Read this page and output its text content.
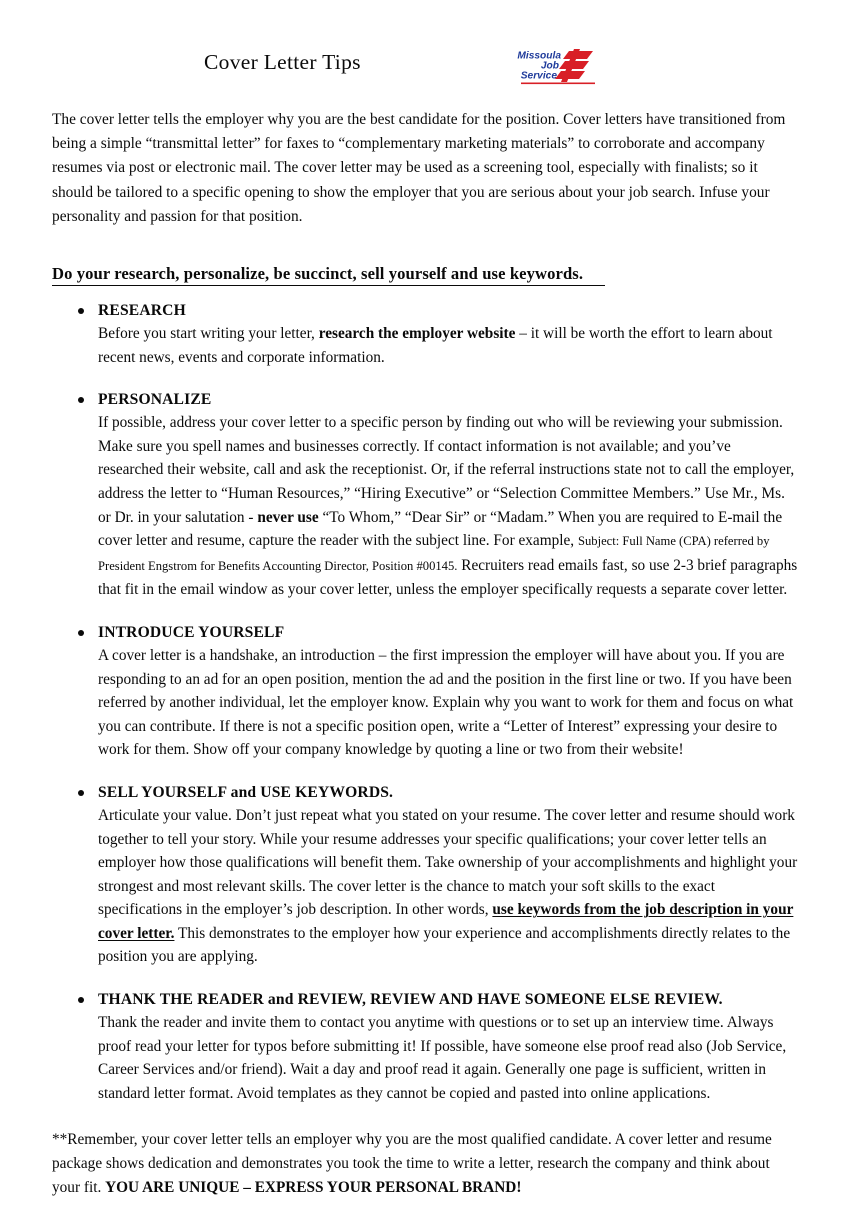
Cover Letter Tips	Missoula
Job
Service

The cover letter tells the employer why you are the best candidate for the position. Cover letters have transitioned from being a simple “transmittal letter” for faxes to “complementary marketing materials” to corroborate and accompany resumes via post or electronic mail. The cover letter may be used as a screening tool, especially with finalists; so it should be tailored to a specific opening to show the employer that you are serious about your job search. Infuse your personality and passion for that position.

Do your research, personalize, be succinct, sell yourself and use keywords.
RESEARCH
Before you start writing your letter, research the employer website – it will be worth the effort to learn about recent news, events and corporate information.
PERSONALIZE
If possible, address your cover letter to a specific person by finding out who will be reviewing your submission. Make sure you spell names and businesses correctly. If contact information is not available; and you’ve researched their website, call and ask the receptionist. Or, if the referral instructions state not to call the employer, address the letter to “Human Resources,” “Hiring Executive” or “Selection Committee Members.” Use Mr., Ms. or Dr. in your salutation - never use “To Whom,” “Dear Sir” or “Madam.” When you are required to E-mail the cover letter and resume, capture the reader with the subject line. For example, Subject: Full Name (CPA) referred by President Engstrom for Benefits Accounting Director, Position #00145. Recruiters read emails fast, so use 2-3 brief paragraphs that fit in the email window as your cover letter, unless the employer specifically requests a separate cover letter.
INTRODUCE YOURSELF
A cover letter is a handshake, an introduction – the first impression the employer will have about you. If you are responding to an ad for an open position, mention the ad and the position in the first line or two. If you have been referred by another individual, let the employer know. Explain why you want to work for them and focus on what you can contribute. If there is not a specific position open, write a “Letter of Interest” expressing your desire to work for them. Show off your company knowledge by quoting a line or two from their website!
SELL YOURSELF and USE KEYWORDS.
Articulate your value. Don’t just repeat what you stated on your resume. The cover letter and resume should work together to tell your story. While your resume addresses your specific qualifications; your cover letter tells an employer how those qualifications will benefit them. Take ownership of your accomplishments and highlight your strongest and most relevant skills. The cover letter is the chance to match your soft skills to the exact specifications in the employer’s job description. In other words, use keywords from the job description in your cover letter. This demonstrates to the employer how your experience and accomplishments directly relates to the position you are applying.
THANK THE READER and REVIEW, REVIEW AND HAVE SOMEONE ELSE REVIEW.
Thank the reader and invite them to contact you anytime with questions or to set up an interview time. Always proof read your letter for typos before submitting it! If possible, have someone else proof read also (Job Service, Career Services and/or friend). Wait a day and proof read it again. Generally one page is sufficient, written in standard letter format. Avoid templates as they cannot be copied and pasted into online applications.

**Remember, your cover letter tells an employer why you are the most qualified candidate. A cover letter and resume package shows dedication and demonstrates you took the time to write a letter, research the company and think about your fit. YOU ARE UNIQUE – EXPRESS YOUR PERSONAL BRAND!
